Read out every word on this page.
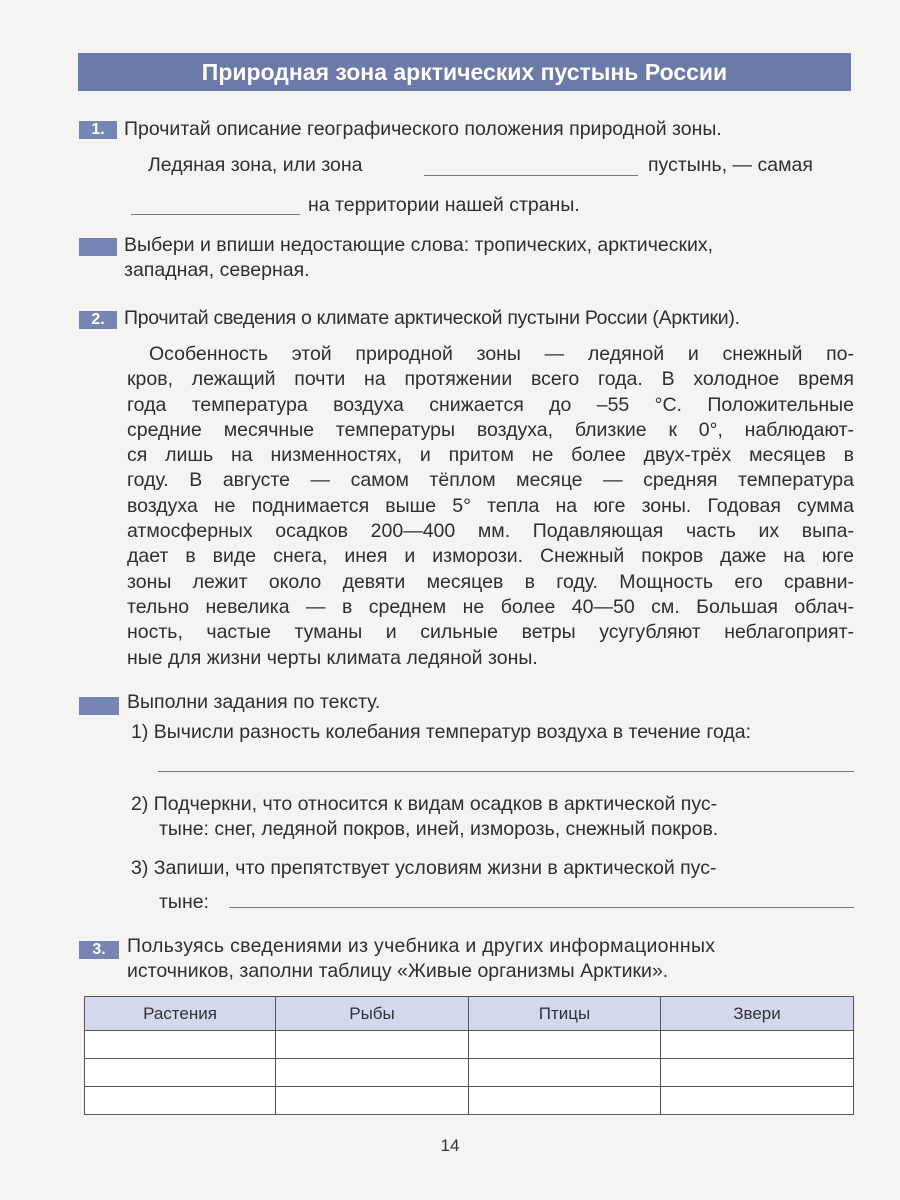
Природная зона арктических пустынь России
1. Прочитай описание географического положения природной зоны.
Ледяная зона, или зона	пустынь, — самая
на территории нашей страны.
Выбери и впиши недостающие слова: тропических, арктических,
западная, северная.
2. Прочитай сведения о климате арктической пустыни России (Арктики).
Особенность этой природной зоны — ледяной и снежный по-
кров, лежащий почти на протяжении всего года. В холодное время
года температура воздуха снижается до –55 °С. Положительные
средние месячные температуры воздуха, близкие к 0°, наблюдают-
ся лишь на низменностях, и притом не более двух-трёх месяцев в
году. В августе — самом тёплом месяце — средняя температура
воздуха не поднимается выше 5° тепла на юге зоны. Годовая сумма
атмосферных осадков 200—400 мм. Подавляющая часть их выпа-
дает в виде снега, инея и изморози. Снежный покров даже на юге
зоны лежит около девяти месяцев в году. Мощность его сравни-
тельно невелика — в среднем не более 40—50 см. Большая облач-
ность, частые туманы и сильные ветры усугубляют неблагоприят-
ные для жизни черты климата ледяной зоны.
Выполни задания по тексту.
1) Вычисли разность колебания температур воздуха в течение года:
2) Подчеркни, что относится к видам осадков в арктической пус-
тыне: снег, ледяной покров, иней, изморозь, снежный покров.
3) Запиши, что препятствует условиям жизни в арктической пус-
тыне:
3.	Пользуясь сведениями из учебника и других информационных
источников, заполни таблицу «Живые организмы Арктики».
Растения	Рыбы	Птицы	Звери

14
